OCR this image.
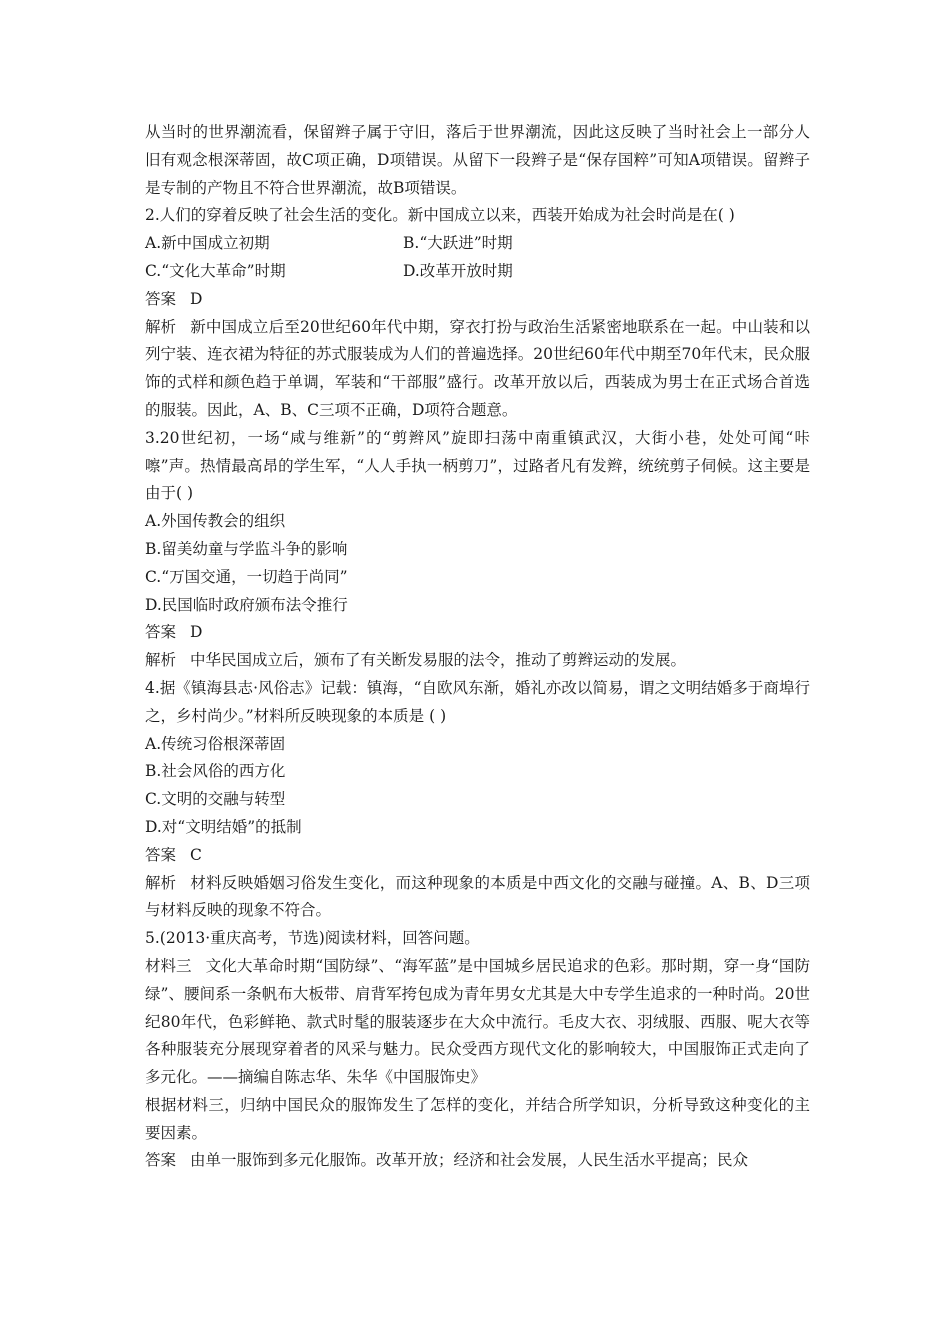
从当时的世界潮流看，保留辫子属于守旧，落后于世界潮流，因此这反映了当时社会上一部分人旧有观念根深蒂固，故C项正确，D项错误。从留下一段辫子是“保存国粹”可知A项错误。留辫子是专制的产物且不符合世界潮流，故B项错误。

2.人们的穿着反映了社会生活的变化。新中国成立以来，西装开始成为社会时尚是在( )

A.新中国成立初期	B.“大跃进”时期
C.“文化大革命”时期	D.改革开放时期

答案 D

解析 新中国成立后至20世纪60年代中期，穿衣打扮与政治生活紧密地联系在一起。中山装和以列宁装、连衣裙为特征的苏式服装成为人们的普遍选择。20世纪60年代中期至70年代末，民众服饰的式样和颜色趋于单调，军装和“干部服”盛行。改革开放以后，西装成为男士在正式场合首选的服装。因此，A、B、C三项不正确，D项符合题意。

3.20世纪初，一场“咸与维新”的“剪辫风”旋即扫荡中南重镇武汉，大街小巷，处处可闻“咔嚓”声。热情最高昂的学生军，“人人手执一柄剪刀”，过路者凡有发辫，统统剪子伺候。这主要是由于( )

A.外国传教会的组织

B.留美幼童与学监斗争的影响

C.“万国交通，一切趋于尚同”

D.民国临时政府颁布法令推行

答案 D

解析 中华民国成立后，颁布了有关断发易服的法令，推动了剪辫运动的发展。

4.据《镇海县志·风俗志》记载：镇海，“自欧风东渐，婚礼亦改以简易，谓之文明结婚多于商埠行之，乡村尚少。”材料所反映现象的本质是 ( )

A.传统习俗根深蒂固

B.社会风俗的西方化

C.文明的交融与转型

D.对“文明结婚”的抵制

答案 C

解析 材料反映婚姻习俗发生变化，而这种现象的本质是中西文化的交融与碰撞。A、B、D三项与材料反映的现象不符合。

5.(2013·重庆高考，节选)阅读材料，回答问题。

材料三 文化大革命时期“国防绿”、“海军蓝”是中国城乡居民追求的色彩。那时期，穿一身“国防绿”、腰间系一条帆布大板带、肩背军挎包成为青年男女尤其是大中专学生追求的一种时尚。20世纪80年代，色彩鲜艳、款式时髦的服装逐步在大众中流行。毛皮大衣、羽绒服、西服、呢大衣等各种服装充分展现穿着者的风采与魅力。民众受西方现代文化的影响较大，中国服饰正式走向了多元化。——摘编自陈志华、朱华《中国服饰史》

根据材料三，归纳中国民众的服饰发生了怎样的变化，并结合所学知识，分析导致这种变化的主要因素。

答案 由单一服饰到多元化服饰。改革开放；经济和社会发展，人民生活水平提高；民众
